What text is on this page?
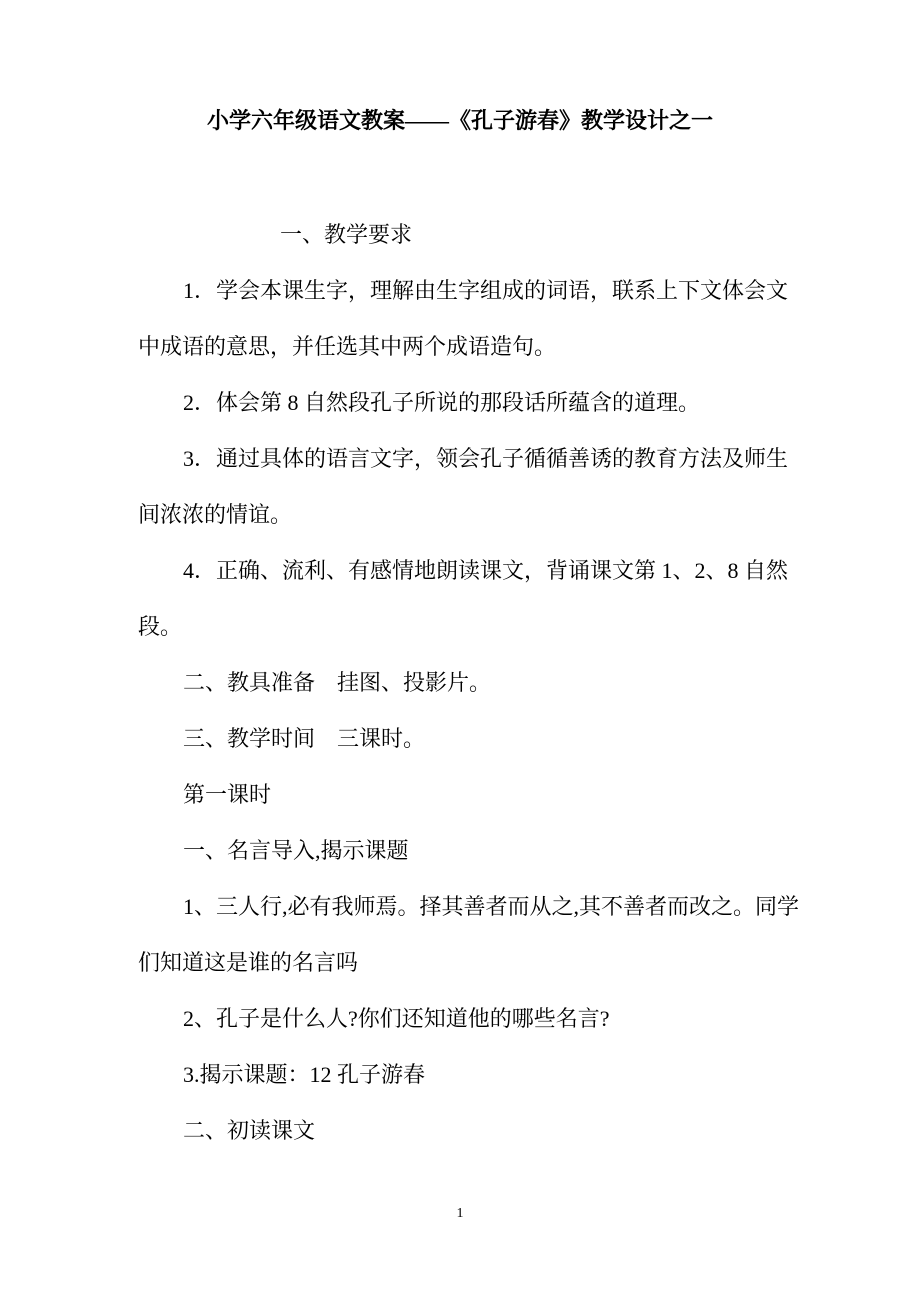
小学六年级语文教案——《孔子游春》教学设计之一
一、教学要求
1．学会本课生字，理解由生字组成的词语，联系上下文体会文
中成语的意思，并任选其中两个成语造句。
2．体会第 8 自然段孔子所说的那段话所蕴含的道理。
3．通过具体的语言文字，领会孔子循循善诱的教育方法及师生
间浓浓的情谊。
4．正确、流利、有感情地朗读课文，背诵课文第 1、2、8 自然
段。
二、教具准备　挂图、投影片。
三、教学时间　三课时。
第一课时
一、名言导入,揭示课题
1、三人行,必有我师焉。择其善者而从之,其不善者而改之。同学
们知道这是谁的名言吗
2、孔子是什么人?你们还知道他的哪些名言?
3.揭示课题：12 孔子游春
二、初读课文
1
